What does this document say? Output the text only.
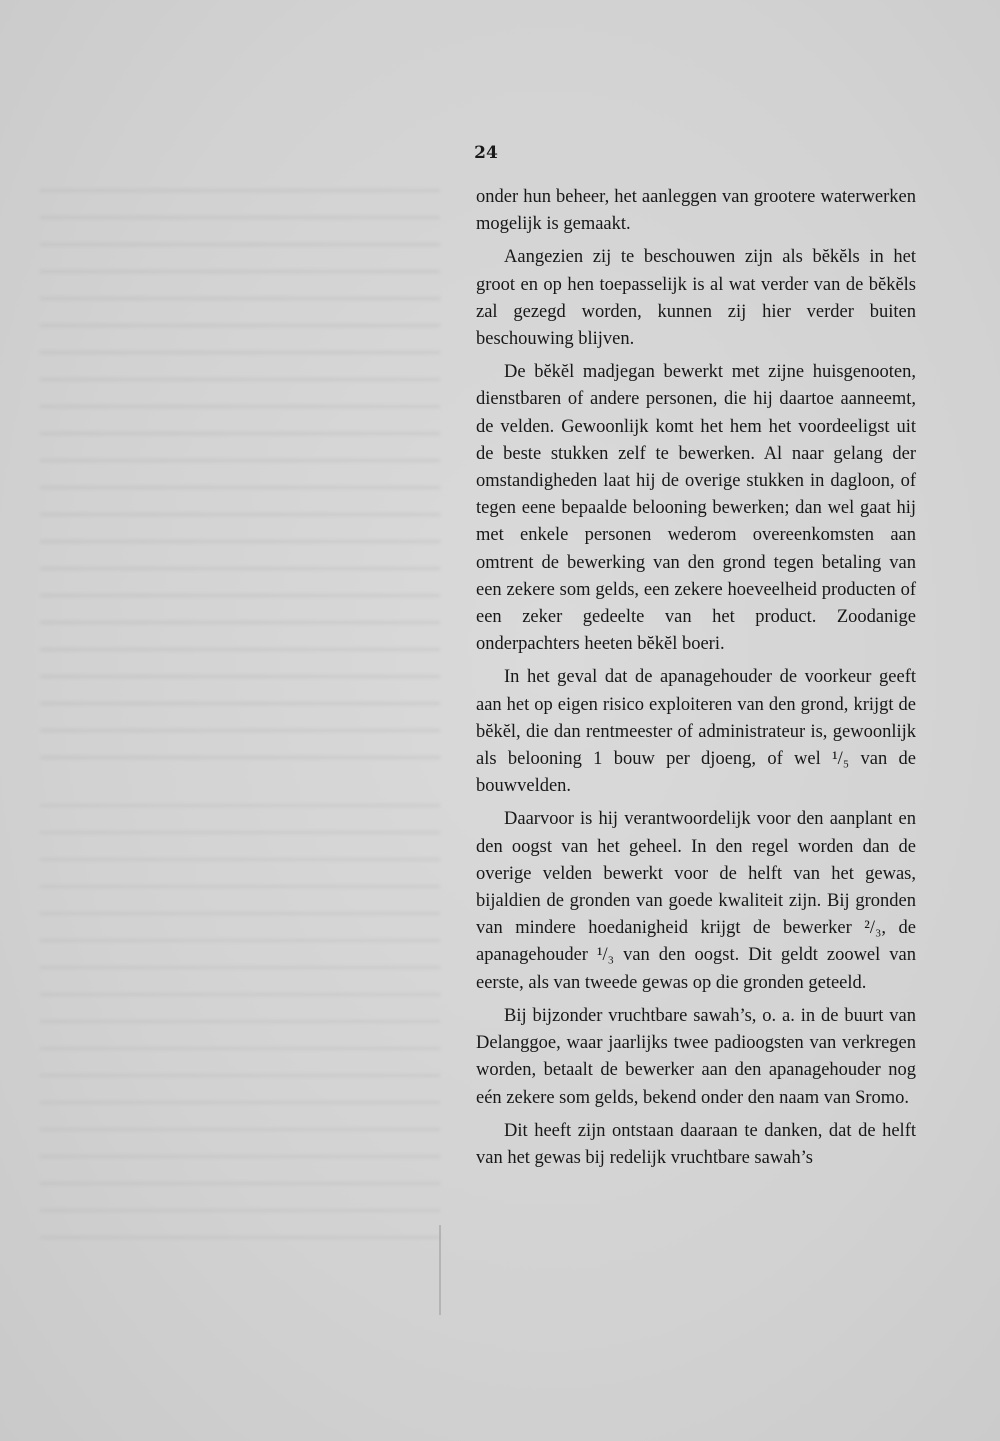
24

onder hun beheer, het aanleggen van grootere waterwerken mogelijk is gemaakt.

Aangezien zij te beschouwen zijn als bĕkĕls in het groot en op hen toepasselijk is al wat verder van de bĕkĕls zal gezegd worden, kunnen zij hier verder buiten beschouwing blijven.

De bĕkĕl madjegan bewerkt met zijne huisgenooten, dienstbaren of andere personen, die hij daartoe aanneemt, de velden. Gewoonlijk komt het hem het voordeeligst uit de beste stukken zelf te bewerken. Al naar gelang der omstandigheden laat hij de overige stukken in dagloon, of tegen eene bepaalde belooning bewerken; dan wel gaat hij met enkele personen wederom overeenkomsten aan omtrent de bewerking van den grond tegen betaling van een zekere som gelds, een zekere hoeveelheid producten of een zeker gedeelte van het product. Zoodanige onderpachters heeten bĕkĕl boeri.

In het geval dat de apanagehouder de voorkeur geeft aan het op eigen risico exploiteren van den grond, krijgt de bĕkĕl, die dan rentmeester of administrateur is, gewoonlijk als belooning 1 bouw per djoeng, of wel ¹/₅ van de bouwvelden.

Daarvoor is hij verantwoordelijk voor den aanplant en den oogst van het geheel. In den regel worden dan de overige velden bewerkt voor de helft van het gewas, bijaldien de gronden van goede kwaliteit zijn. Bij gronden van mindere hoedanigheid krijgt de bewerker ²/₃, de apanagehouder ¹/₃ van den oogst. Dit geldt zoowel van eerste, als van tweede gewas op die gronden geteeld.

Bij bijzonder vruchtbare sawah’s, o. a. in de buurt van Delanggoe, waar jaarlijks twee padioogsten van verkregen worden, betaalt de bewerker aan den apanagehouder nog eén zekere som gelds, bekend onder den naam van Sromo.

Dit heeft zijn ontstaan daaraan te danken, dat de helft van het gewas bij redelijk vruchtbare sawah’s
